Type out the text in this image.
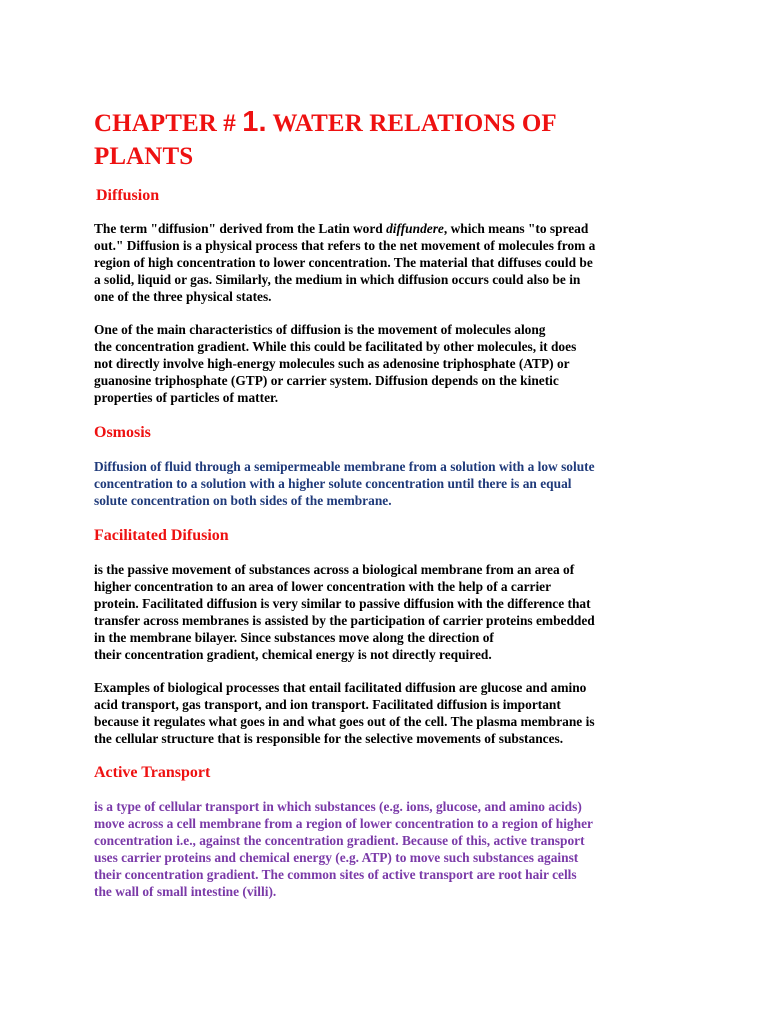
CHAPTER # 1. WATER RELATIONS OF
PLANTS
Diffusion

The term "diffusion" derived from the Latin word diffundere, which means "to spread
out." Diffusion is a physical process that refers to the net movement of molecules from a
region of high concentration to lower concentration. The material that diffuses could be
a solid, liquid or gas. Similarly, the medium in which diffusion occurs could also be in
one of the three physical states.

One of the main characteristics of diffusion is the movement of molecules along
the concentration gradient. While this could be facilitated by other molecules, it does
not directly involve high-energy molecules such as adenosine triphosphate (ATP) or
guanosine triphosphate (GTP) or carrier system. Diffusion depends on the kinetic
properties of particles of matter.

Osmosis

Diffusion of fluid through a semipermeable membrane from a solution with a low solute
concentration to a solution with a higher solute concentration until there is an equal
solute concentration on both sides of the membrane.

Facilitated Difusion

is the passive movement of substances across a biological membrane from an area of
higher concentration to an area of lower concentration with the help of a carrier
protein. Facilitated diffusion is very similar to passive diffusion with the difference that
transfer across membranes is assisted by the participation of carrier proteins embedded
in the membrane bilayer. Since substances move along the direction of
their concentration gradient, chemical energy is not directly required.

Examples of biological processes that entail facilitated diffusion are glucose and amino
acid transport, gas transport, and ion transport. Facilitated diffusion is important
because it regulates what goes in and what goes out of the cell. The plasma membrane is
the cellular structure that is responsible for the selective movements of substances.

Active Transport

is a type of cellular transport in which substances (e.g. ions, glucose, and amino acids)
move across a cell membrane from a region of lower concentration to a region of higher
concentration i.e., against the concentration gradient. Because of this, active transport
uses carrier proteins and chemical energy (e.g. ATP) to move such substances against
their concentration gradient. The common sites of active transport are root hair cells
the wall of small intestine (villi).
